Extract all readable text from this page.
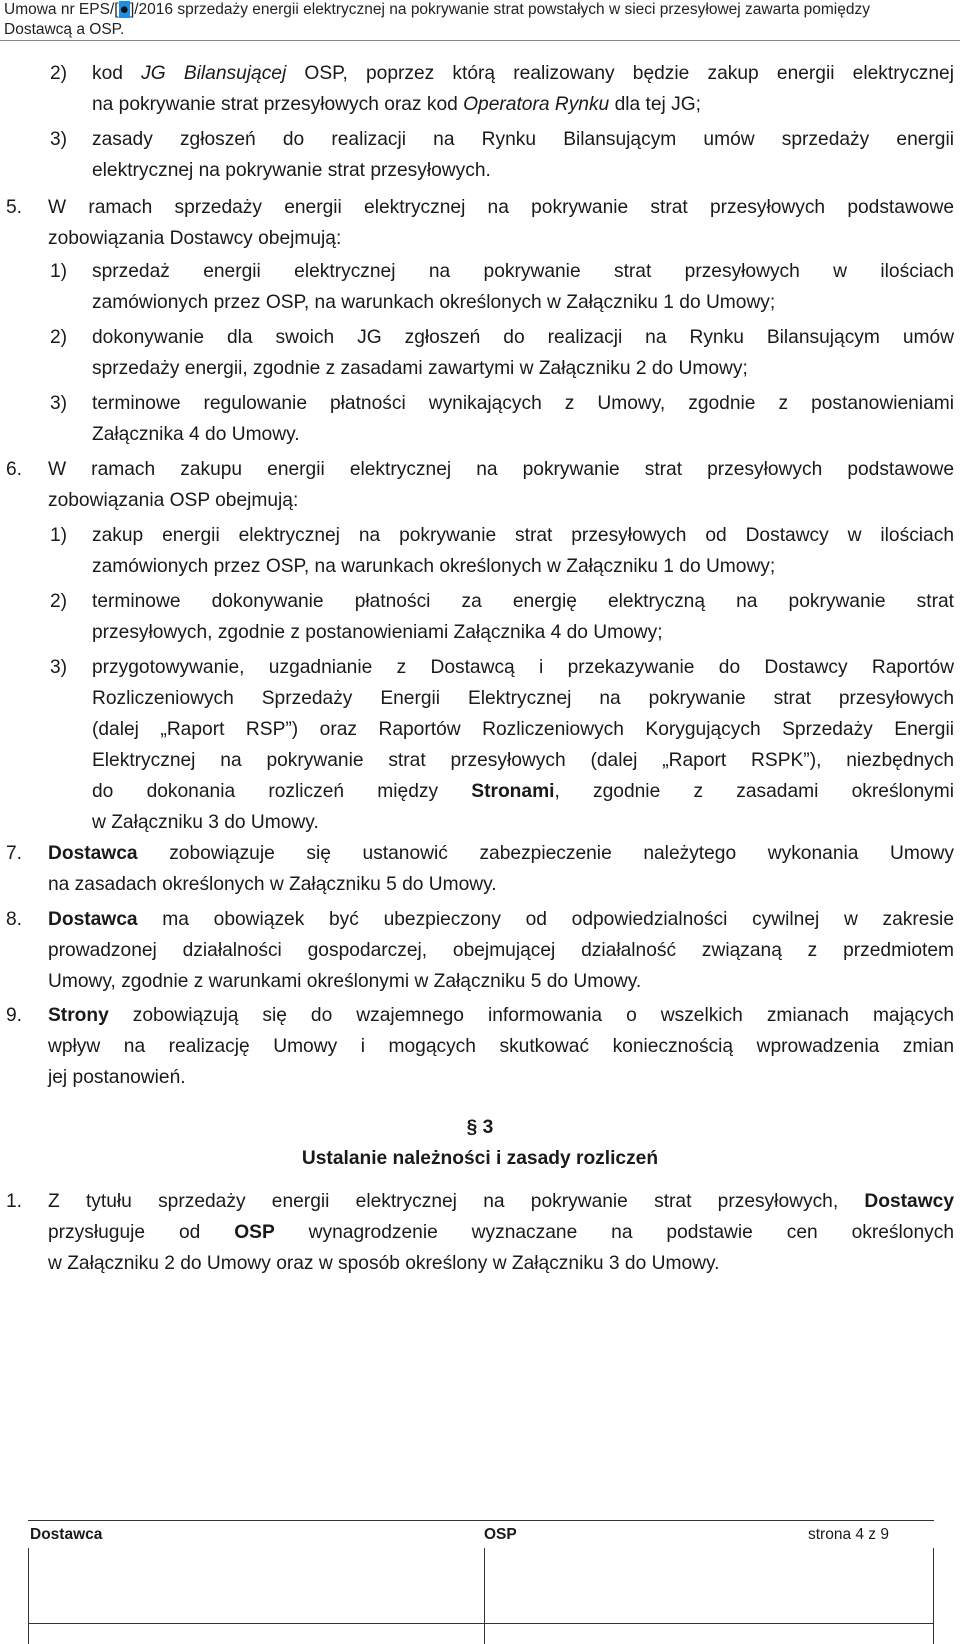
Umowa nr EPS/[●]/2016 sprzedaży energii elektrycznej na pokrywanie strat powstałych w sieci przesyłowej zawarta pomiędzy
Dostawcą a OSP.
2) kod JG Bilansującej OSP, poprzez którą realizowany będzie zakup energii elektrycznej
na pokrywanie strat przesyłowych oraz kod Operatora Rynku dla tej JG;
3) zasady zgłoszeń do realizacji na Rynku Bilansującym umów sprzedaży energii
elektrycznej na pokrywanie strat przesyłowych.
5. W ramach sprzedaży energii elektrycznej na pokrywanie strat przesyłowych podstawowe
zobowiązania Dostawcy obejmują:
1) sprzedaż energii elektrycznej na pokrywanie strat przesyłowych w ilościach
zamówionych przez OSP, na warunkach określonych w Załączniku 1 do Umowy;
2) dokonywanie dla swoich JG zgłoszeń do realizacji na Rynku Bilansującym umów
sprzedaży energii, zgodnie z zasadami zawartymi w Załączniku 2 do Umowy;
3) terminowe regulowanie płatności wynikających z Umowy, zgodnie z postanowieniami
Załącznika 4 do Umowy.
6. W ramach zakupu energii elektrycznej na pokrywanie strat przesyłowych podstawowe
zobowiązania OSP obejmują:
1) zakup energii elektrycznej na pokrywanie strat przesyłowych od Dostawcy w ilościach
zamówionych przez OSP, na warunkach określonych w Załączniku 1 do Umowy;
2) terminowe dokonywanie płatności za energię elektryczną na pokrywanie strat
przesyłowych, zgodnie z postanowieniami Załącznika 4 do Umowy;
3) przygotowywanie, uzgadnianie z Dostawcą i przekazywanie do Dostawcy Raportów
Rozliczeniowych Sprzedaży Energii Elektrycznej na pokrywanie strat przesyłowych
(dalej „Raport RSP”) oraz Raportów Rozliczeniowych Korygujących Sprzedaży Energii
Elektrycznej na pokrywanie strat przesyłowych (dalej „Raport RSPK”), niezbędnych
do dokonania rozliczeń między Stronami, zgodnie z zasadami określonymi
w Załączniku 3 do Umowy.
7. Dostawca zobowiązuje się ustanowić zabezpieczenie należytego wykonania Umowy
na zasadach określonych w Załączniku 5 do Umowy.
8. Dostawca ma obowiązek być ubezpieczony od odpowiedzialności cywilnej w zakresie
prowadzonej działalności gospodarczej, obejmującej działalność związaną z przedmiotem
Umowy, zgodnie z warunkami określonymi w Załączniku 5 do Umowy.
9. Strony zobowiązują się do wzajemnego informowania o wszelkich zmianach mających
wpływ na realizację Umowy i mogących skutkować koniecznością wprowadzenia zmian
jej postanowień.
§ 3
Ustalanie należności i zasady rozliczeń
1. Z tytułu sprzedaży energii elektrycznej na pokrywanie strat przesyłowych, Dostawcy
przysługuje od OSP wynagrodzenie wyznaczane na podstawie cen określonych
w Załączniku 2 do Umowy oraz w sposób określony w Załączniku 3 do Umowy.
Dostawca	OSP	strona 4 z 9
